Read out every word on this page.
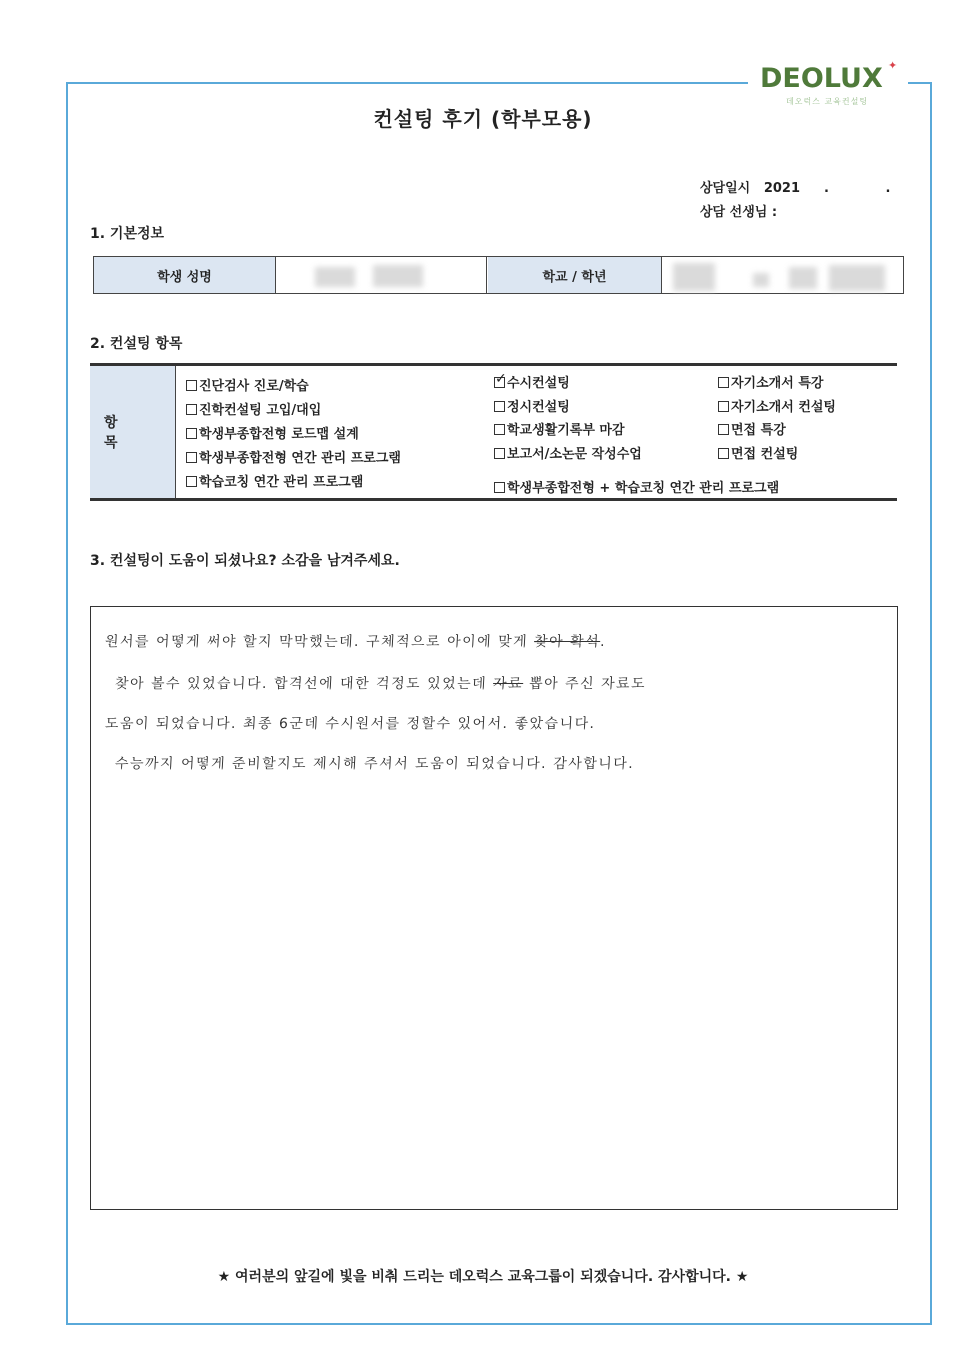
DEOLUX ✦
데오럭스 교육컨설팅
컨설팅 후기 (학부모용)
상담일시 2021 . .
상담 선생님 :
1. 기본정보
학생 성명	학교 / 학년
2. 컨설팅 항목
항 목
진단검사 진로/학습
진학컨설팅 고입/대입
학생부종합전형 로드맵 설계
학생부종합전형 연간 관리 프로그램
학습코칭 연간 관리 프로그램
✓수시컨설팅
정시컨설팅
학교생활기록부 마감
보고서/소논문 작성수업
학생부종합전형 + 학습코칭 연간 관리 프로그램
자기소개서 특강
자기소개서 컨설팅
면접 특강
면접 컨설팅
3. 컨설팅이 도움이 되셨나요? 소감을 남겨주세요.
원서를 어떻게 써야 할지 막막했는데. 구체적으로 아이에 맞게 찾아 확석.
찾아 볼수 있었습니다. 합격선에 대한 걱정도 있었는데 자료 뽑아 주신 자료도
도움이 되었습니다. 최종 6군데 수시원서를 정할수 있어서. 좋았습니다.
수능까지 어떻게 준비할지도 제시해 주셔서 도움이 되었습니다. 감사합니다.
★ 여러분의 앞길에 빛을 비춰 드리는 데오럭스 교육그룹이 되겠습니다. 감사합니다. ★
